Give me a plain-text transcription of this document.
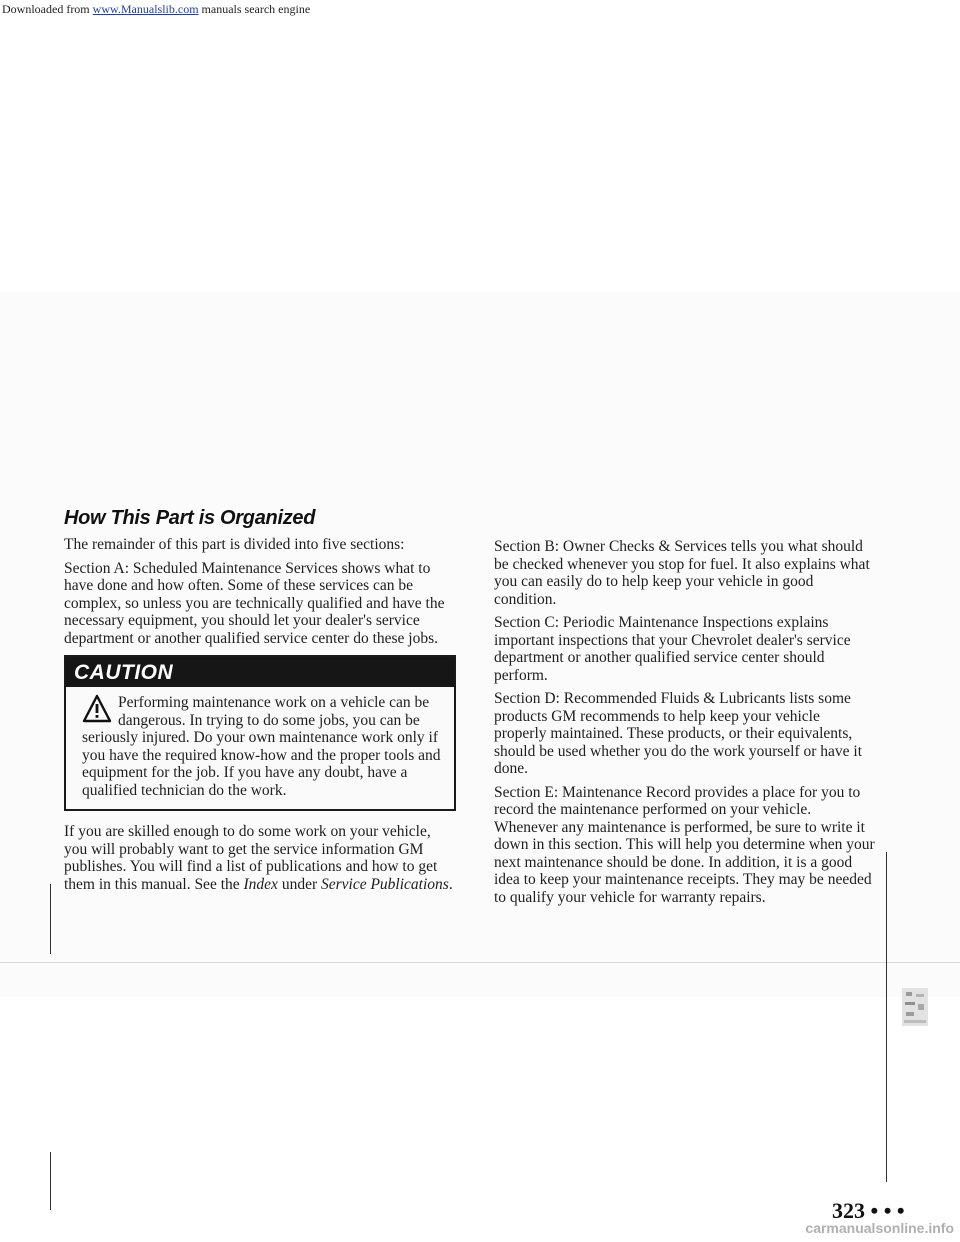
Downloaded from www.Manualslib.com manuals search engine
How This Part is Organized

The remainder of this part is divided into five sections:

Section A: Scheduled Maintenance Services shows what to have done and how often. Some of these services can be complex, so unless you are technically qualified and have the necessary equipment, you should let your dealer's service department or another qualified service center do these jobs.

CAUTION
Performing maintenance work on a vehicle can be dangerous. In trying to do some jobs, you can be seriously injured. Do your own maintenance work only if you have the required know-how and the proper tools and equipment for the job. If you have any doubt, have a qualified technician do the work.

If you are skilled enough to do some work on your vehicle, you will probably want to get the service information GM publishes. You will find a list of publications and how to get them in this manual. See the Index under Service Publications.

Section B: Owner Checks & Services tells you what should be checked whenever you stop for fuel. It also explains what you can easily do to help keep your vehicle in good condition.

Section C: Periodic Maintenance Inspections explains important inspections that your Chevrolet dealer's service department or another qualified service center should perform.

Section D: Recommended Fluids & Lubricants lists some products GM recommends to help keep your vehicle properly maintained. These products, or their equivalents, should be used whether you do the work yourself or have it done.

Section E: Maintenance Record provides a place for you to record the maintenance performed on your vehicle. Whenever any maintenance is performed, be sure to write it down in this section. This will help you determine when your next maintenance should be done. In addition, it is a good idea to keep your maintenance receipts. They may be needed to qualify your vehicle for warranty repairs.

323 • • •
carmanualsonline.info
